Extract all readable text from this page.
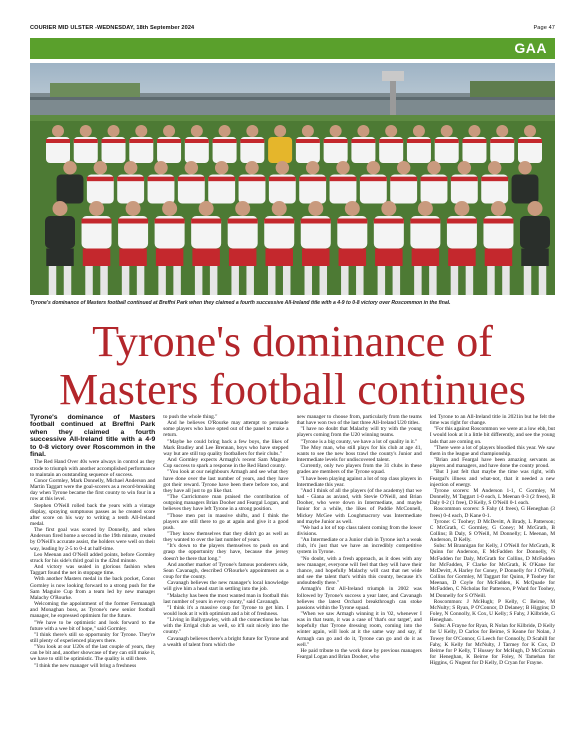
COURIER MID ULSTER -WEDNESDAY, 18th September 2024	Page 47
GAA
Tyrone's dominance of Masters football continued at Breffni Park when they claimed a fourth successive All-Ireland title with a 4-9 to 0-8 victory over Roscommon in the final.
Tyrone's dominance of
Masters football continues

Tyrone's dominance of Masters football continued at Breffni Park when they claimed a fourth successive All-Ireland title with a 4-9 to 0-8 victory over Roscommon in the final.

The Red Hand Over 40s were always in control as they strode to triumph with another accomplished performance to maintain an outstanding sequence of success.

Conor Gormley, Mark Donnelly, Michael Anderson and Martin Taggart were the goal-scorers as a record-breaking day when Tyrone became the first county to win four in a row at this level.

Stephen O'Neill rolled back the years with a vintage display, spraying sumptuous passes as he created score after score on his way to writing a tenth All-Ireland medal.

The first goal was scored by Donnelly, and when Anderson fired home a second in the 19th minute, created by O'Neill's accurate assist, the holders were well on their way, leading by 2-5 to 0-4 at half-time.

Leo Meenan and O'Neill added points, before Gormley struck for his side's third goal in the 42nd minute.

And victory was sealed in glorious fashion when Taggart found the net in stoppage time.

With another Masters medal in the back pocket, Conor Gormley is now looking forward to a strong push for the Sam Maguire Cup from a team led by new manager Malachy O'Rourke.

Welcoming the appointment of the former Fermanagh and Monaghan boss, as Tyrone's new senior football manager, he expressed optimism for the future.

"We have to be optimistic and look forward to the future with a wee bit of hope," said Gormley.

"I think there's still so opportunity for Tyrone. They're still plenty of experienced players there.

"You look at our U20s of the last couple of years, they can be bit and, another showcase of they can still make it, we have to still be optimistic. The quality is still there.

"I think the new manager will bring a freshness

to push the whole thing."

And he believes O'Rourke may attempt to persuade some players who have opted out of the panel to make a return.

"Maybe he could bring back a few boys, the likes of Mark Bradley and Lee Brennan, boys who have stepped way but are still top quality footballers for their clubs."

And Gormley expects Armagh's recent Sam Maguire Cup success to spark a response in the Red Hand county.

"You look at our neighbours Armagh and see what they have done over the last number of years, and they have got their reward. Tyrone have been there before too, and they have all just to go like that.

"The Carrickmore man praised the contribution of outgoing managers Brian Dooher and Feargal Logan, and believes they have left Tyrone in a strong position.

"Those men put in massive shifts, and I think the players are still there to go at again and give it a good push.

"They know themselves that they didn't go as well as they wanted to over the last number of years.

"It's down to the players themselves to push on and grasp the opportunity they have, because the jersey doesn't be there that long."

And another marker of Tyrone's famous ponderers side, Sean Cavanagh, described O'Rourke's appointment as a coup for the county.

Cavanagh believes the new manager's local knowledge will give him a head start in settling into the job.

"Malachy has been the most wanted man in football this last number of years in every county," said Cavanagh.

"I think it's a massive coup for Tyrone to get him. I would look at it with optimism and a bit of freshness.

"Living in Ballygawley, with all the connections he has with the Errigal club as well, so it'll suit nicely into the county."

Cavanagh believes there's a bright future for Tyrone and a wealth of talent from which the

new manager to choose from, particularly from the teams that have won two of the last three All-Ireland U20 titles.

"I have no doubt that Malachy will try with the young players coming from the U20 winning teams.

"Tyrone is a big county, we have a lot of quality in it."

The Moy man, who still plays for his club at age 41, wants to see the new boss trawl the county's Junior and Intermediate levels for undiscovered talent.

Currently, only two players from the 31 clubs in these grades are members of the Tyrone squad.

"I have been playing against a lot of top class players in Intermediate this year.

"And I think of all the players (of the academy) that we had - Giana as an/and, with Stevie O'Neill, and Brian Dooher, who were down in Intermediate, and maybe Junior for a while, the likes of Paddie McConnell, Mickey McGee with Loughmacrory was Intermediate and maybe Junior as well.

"We had a lot of top class talent coming from the lower divisions.

"An Intermediate or a Junior club in Tyrone isn't a weak club, it's just that we have an incredibly competitive system in Tyrone.

"No doubt, with a fresh approach, as it does with any new manager, everyone will feel that they will have their chance, and hopefully Malachy will cast that net wide and see the talent that's within this county, because it's undoubtedly there."

Armagh's first All-Ireland triumph in 2002 was followed by Tyrone's success a year later, and Cavanagh believes the latest Orchard breakthrough can stoke passions within the Tyrone squad.

"When we saw Armagh winning it in '02, whenever I was in that team, it was a case of 'that's our target', and hopefully that Tyrone dressing room, coming into the winter again, will look at it the same way and say, if Armagh can go and do it, Tyrone can go and do it as well."

He paid tribute to the work done by previous managers Feargal Logan and Brian Dooher, who

led Tyrone to an All-Ireland title in 2021in but he felt the time was right for change.

"For this against Roscommon we were at a low ebb, but I would look at it a little bit differently, and see the young lads that are coming on.

"There were a lot of players bloodied this year. We saw them in the league and championship.

"Brian and Feargal have been amazing servants as players and managers, and have done the county proud.

"But I just felt that maybe the time was right, with Feargal's illness and what-not, that it needed a new injection of energy.

Tyrone scorers: M Anderson 1-1, C Gormley, M Donnelly, M Taggart 1-0 each, L Meenan 0-3 (2 frees), B Daly 0-2 (1 free), D Kelly, S O'Neill 0-1 each.

Roscommon scorers: S Fahy (4 frees), G Heneghan (3 frees) 0-4 each, D Kane 0-1.

Tyrone: C Toohey; D McDevitt, A Brady, L Patterson; C McGrath, C Gormley, G Coney; M McGrath, B Collins; B Daly, S O'Neill, M Donnelly; L Meenan, M Anderson, D Kelly.

Subs: M Brannigan for Kelly, J O'Neill for McGrath, R Quinn for Anderson, E McFadden for Donnelly, N McFadden for Daly, McGrath for Collins, D McFadden for McFadden, F Clarke for McGrath, K O'Kane for McDevitt, A Harley for Coney, P Donnelly for J O'Neill, Collins for Gormley, M Taggart for Quinn, P Toohey for Meenan, D Coyle for McFadden, K McQuade for McFadden, C Nicholas for Patterson, P Ward for Toohey, M Donnelly for S O'Neill.

Roscommon: J McHugh; P Kelly, C Beirne, M McNulty; S Ryan, P O'Connor, D Delaney; B Higgins; D Foley, N Connolly, K Cox, U Kelly; S Fahy, J Kilbride, G Heneghan.

Subs: A Frayne for Ryan, R Nolan for Kilbride, D Kelly for U Kelly, D Carlos for Beirne, S Keane for Nolan, J Towey for O'Connor, G Leech for Connolly, D Scahill for Fahy, K Kelly for McNulty, J Tarmey for K Cox, D Beirne for P Kelly, T Hussey for McHugh, D McCorrain for Heneghan, K Beirne for Foley, N Tamehan for Higgins, G Nugent for D Kelly, D Cryan for Frayne.
